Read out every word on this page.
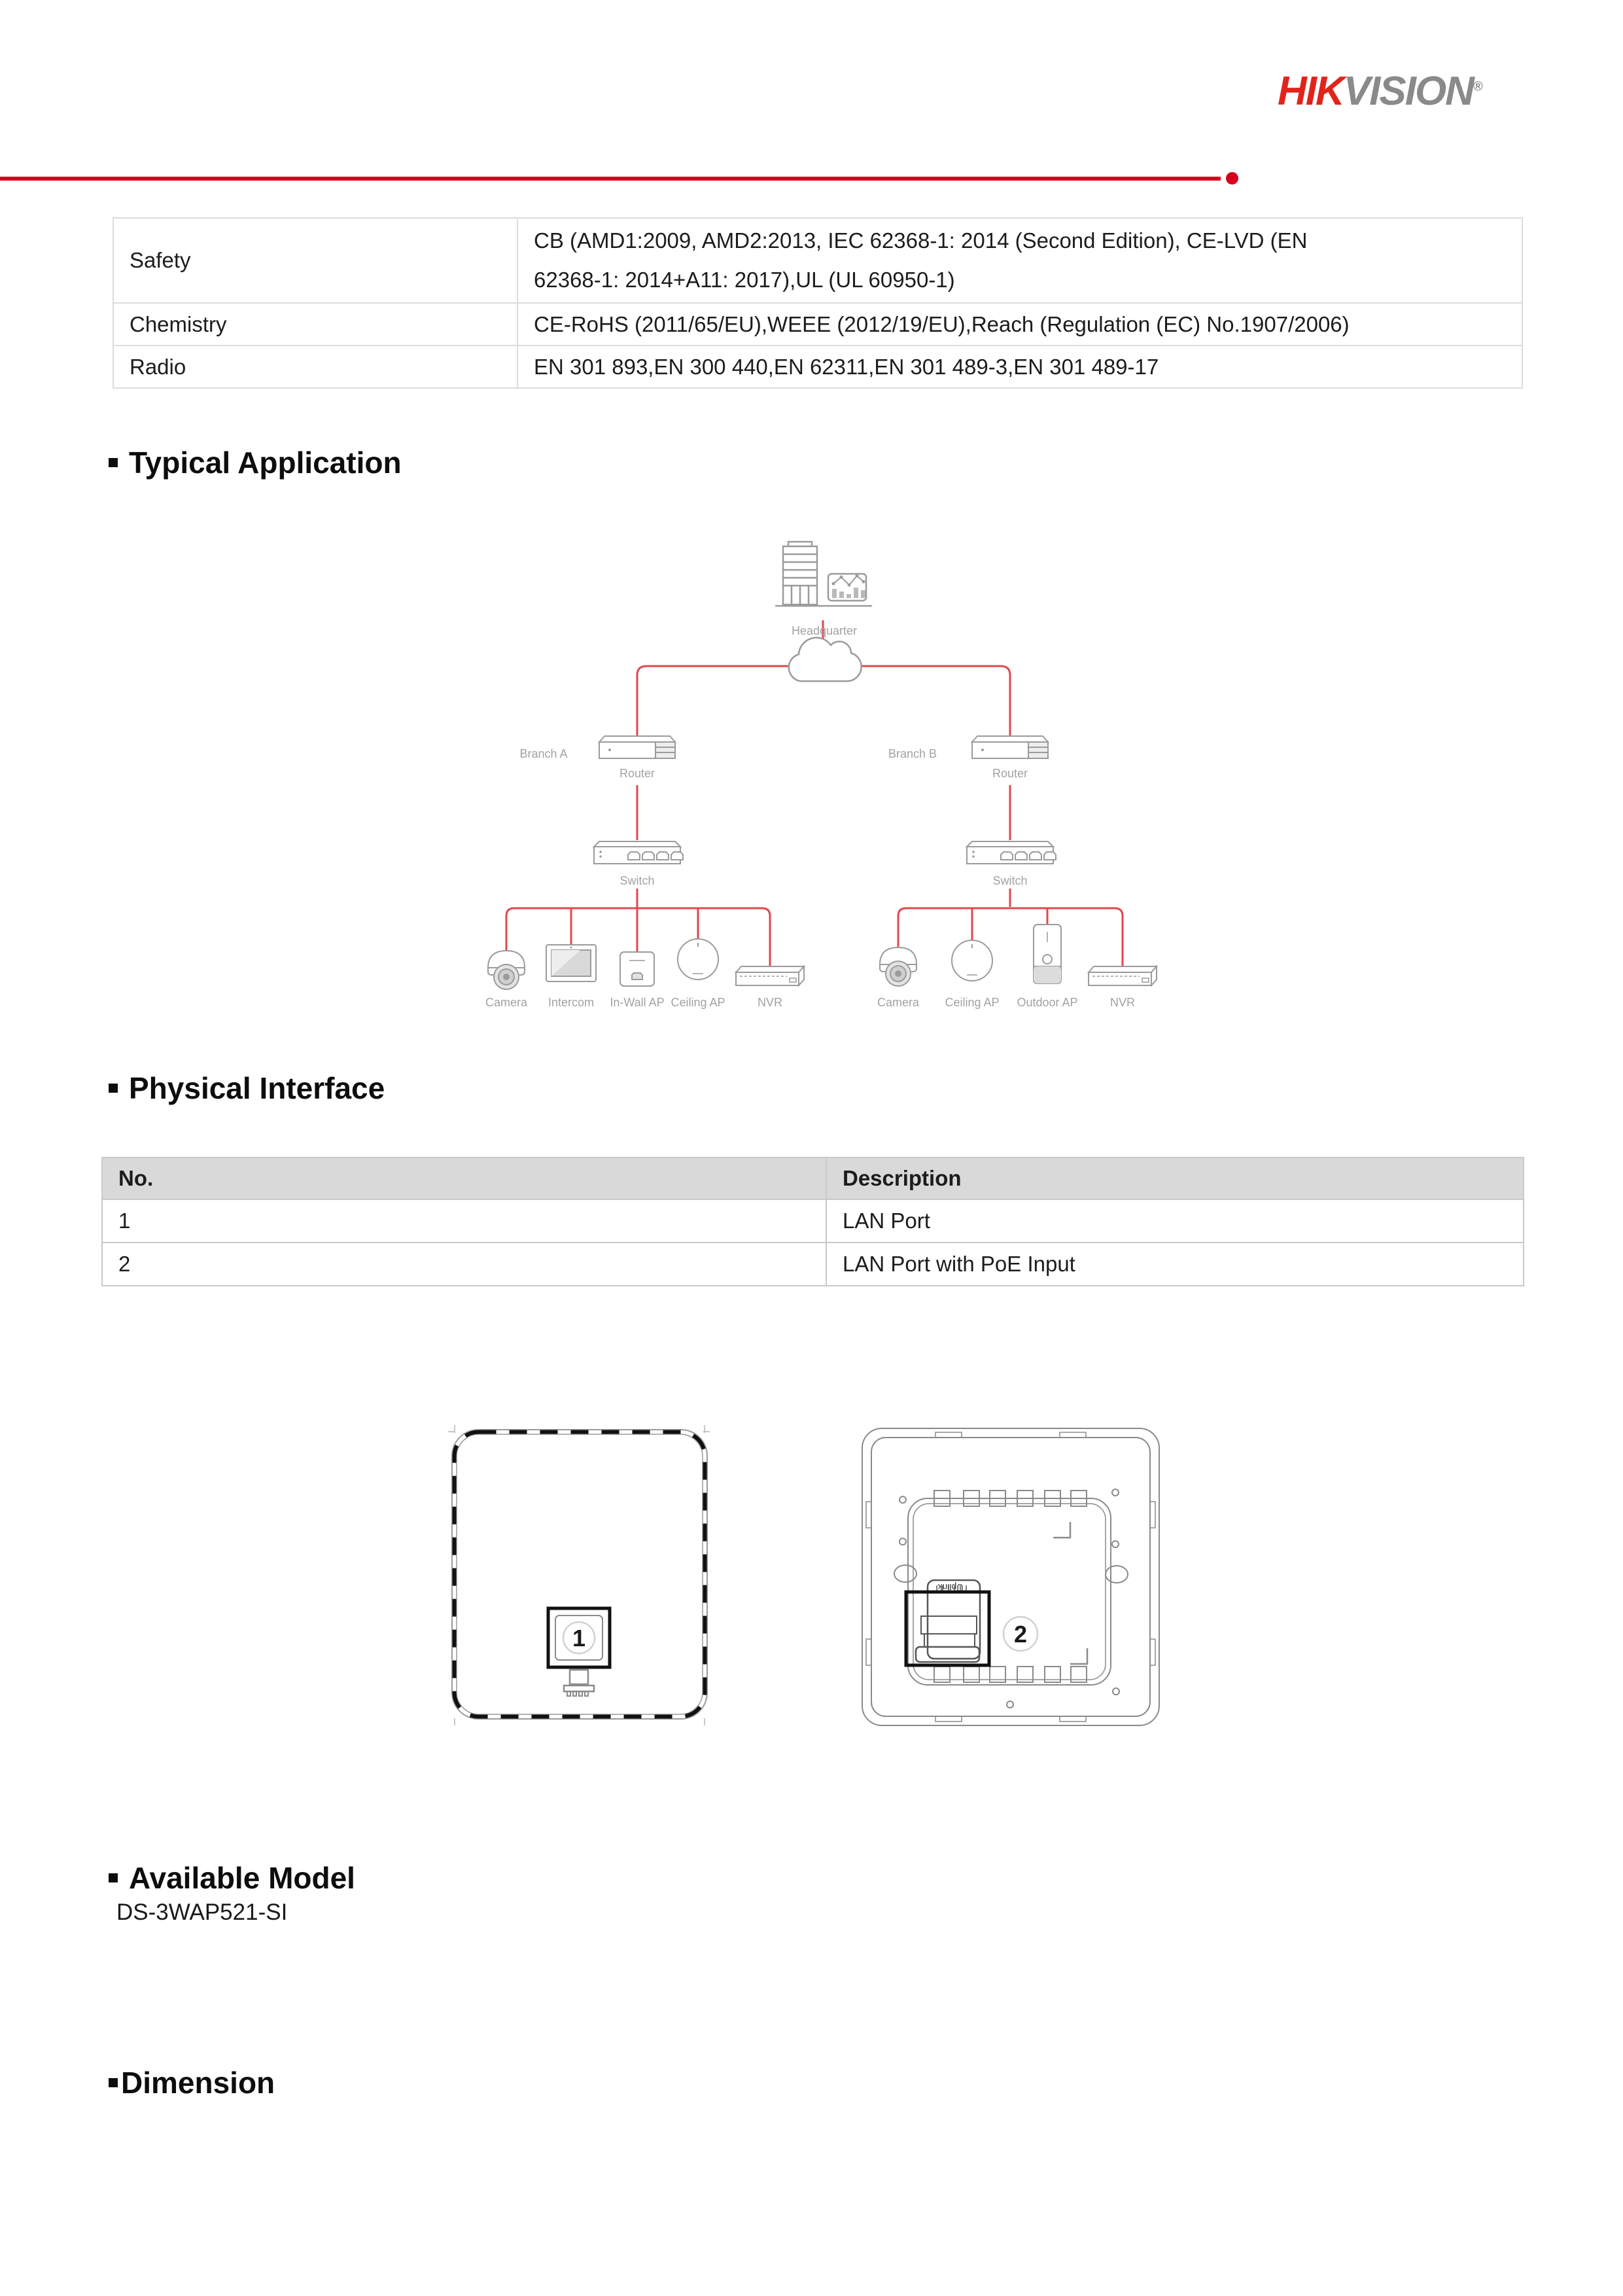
HIKVISION®
Safety	CB (AMD1:2009, AMD2:2013, IEC 62368-1: 2014 (Second Edition), CE-LVD (EN
62368-1: 2014+A11: 2017),UL (UL 60950-1)

Chemistry	CE-RoHS (2011/65/EU),WEEE (2012/19/EU),Reach (Regulation (EC) No.1907/2006)
Radio	EN 301 893,EN 300 440,EN 62311,EN 301 489-3,EN 301 489-17
Typical Application
Headquarter
Branch A	Branch B
Router	Router
Switch	Switch
Camera Intercom In-Wall AP Ceiling AP	NVR	Camera Ceiling AP Outdoor AP	NVR
Physical Interface
No.	Description
1	LAN Port
2	LAN Port with PoE Input
1
Uplink
2
Available Model
DS-3WAP521-SI
Dimension
